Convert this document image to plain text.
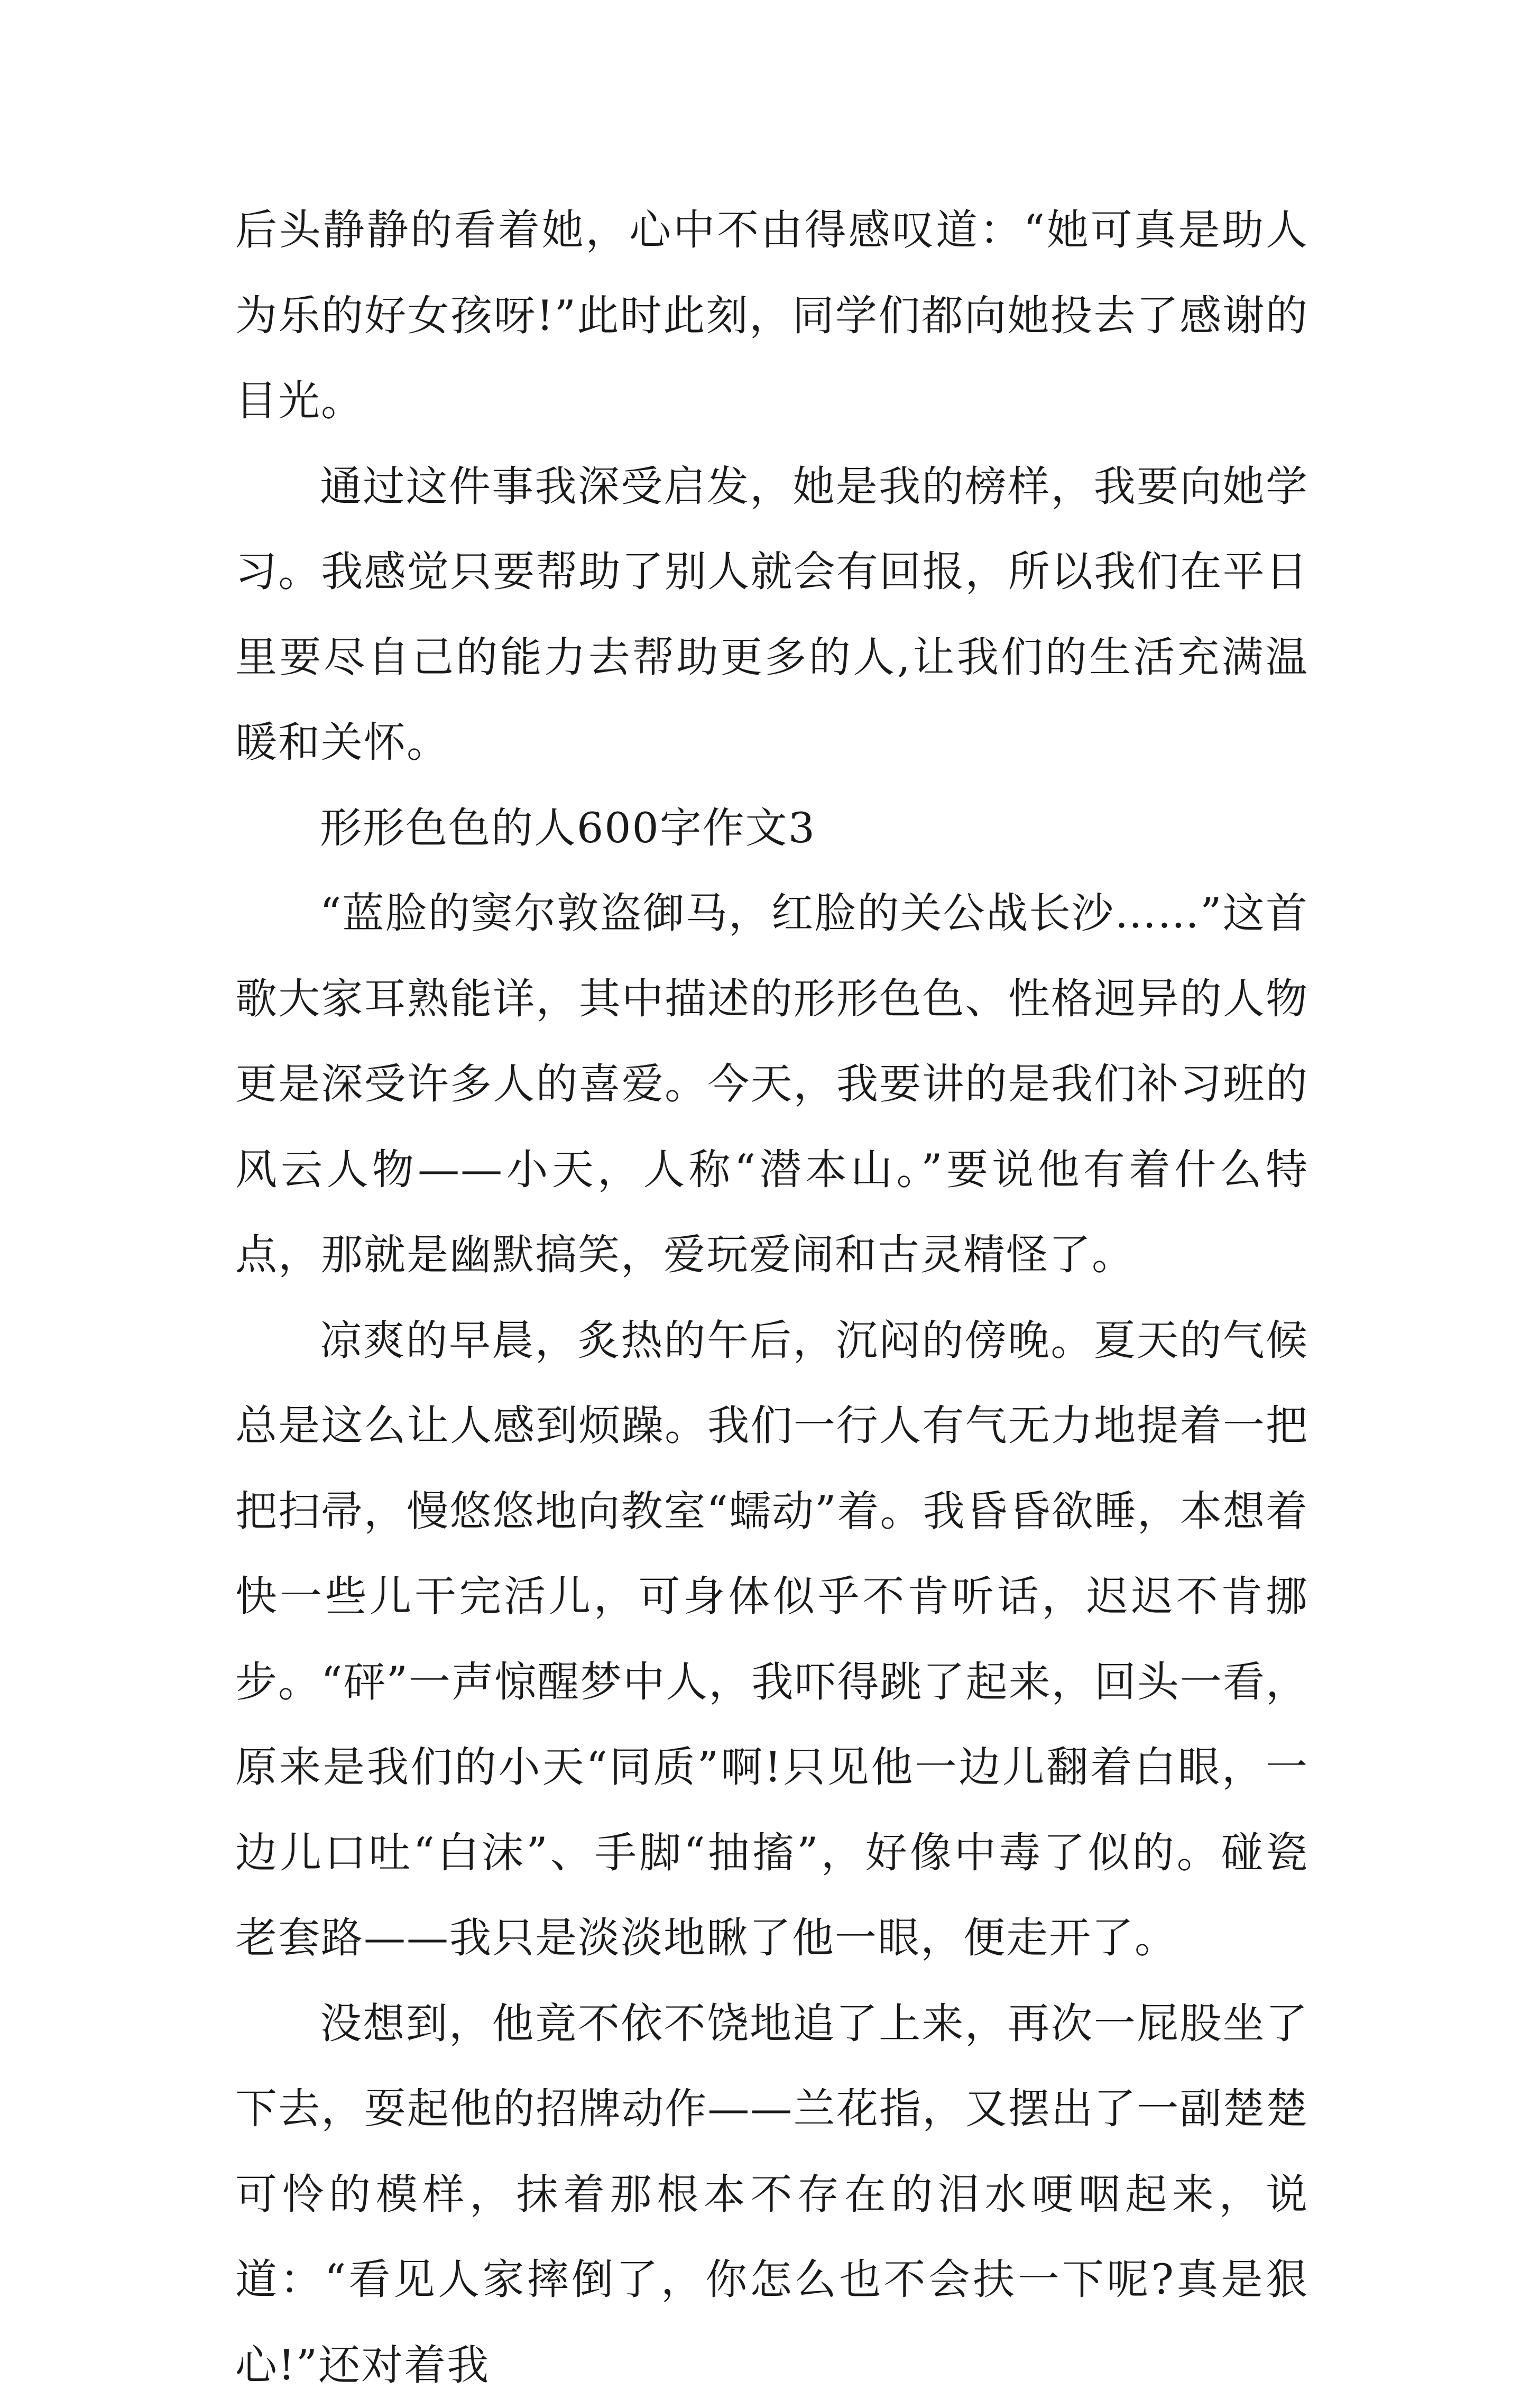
后头静静的看着她，心中不由得感叹道：“她可真是助人为乐的好女孩呀!”此时此刻，同学们都向她投去了感谢的目光。

通过这件事我深受启发，她是我的榜样，我要向她学习。我感觉只要帮助了别人就会有回报，所以我们在平日里要尽自己的能力去帮助更多的人,让我们的生活充满温暖和关怀。

形形色色的人600字作文3

“蓝脸的窦尔敦盗御马，红脸的关公战长沙……”这首歌大家耳熟能详，其中描述的形形色色、性格迥异的人物更是深受许多人的喜爱。今天，我要讲的是我们补习班的风云人物——小天，人称“潜本山。”要说他有着什么特点，那就是幽默搞笑，爱玩爱闹和古灵精怪了。

凉爽的早晨，炙热的午后，沉闷的傍晚。夏天的气候总是这么让人感到烦躁。我们一行人有气无力地提着一把把扫帚，慢悠悠地向教室“蠕动”着。我昏昏欲睡，本想着快一些儿干完活儿，可身体似乎不肯听话，迟迟不肯挪步。“砰”一声惊醒梦中人，我吓得跳了起来，回头一看，原来是我们的小天“同质”啊!只见他一边儿翻着白眼，一边儿口吐“白沫”、手脚“抽搐”，好像中毒了似的。碰瓷老套路——我只是淡淡地瞅了他一眼，便走开了。

没想到，他竟不依不饶地追了上来，再次一屁股坐了下去，耍起他的招牌动作——兰花指，又摆出了一副楚楚可怜的模样，抹着那根本不存在的泪水哽咽起来，说道：“看见人家摔倒了，你怎么也不会扶一下呢?真是狠心!”还对着我
